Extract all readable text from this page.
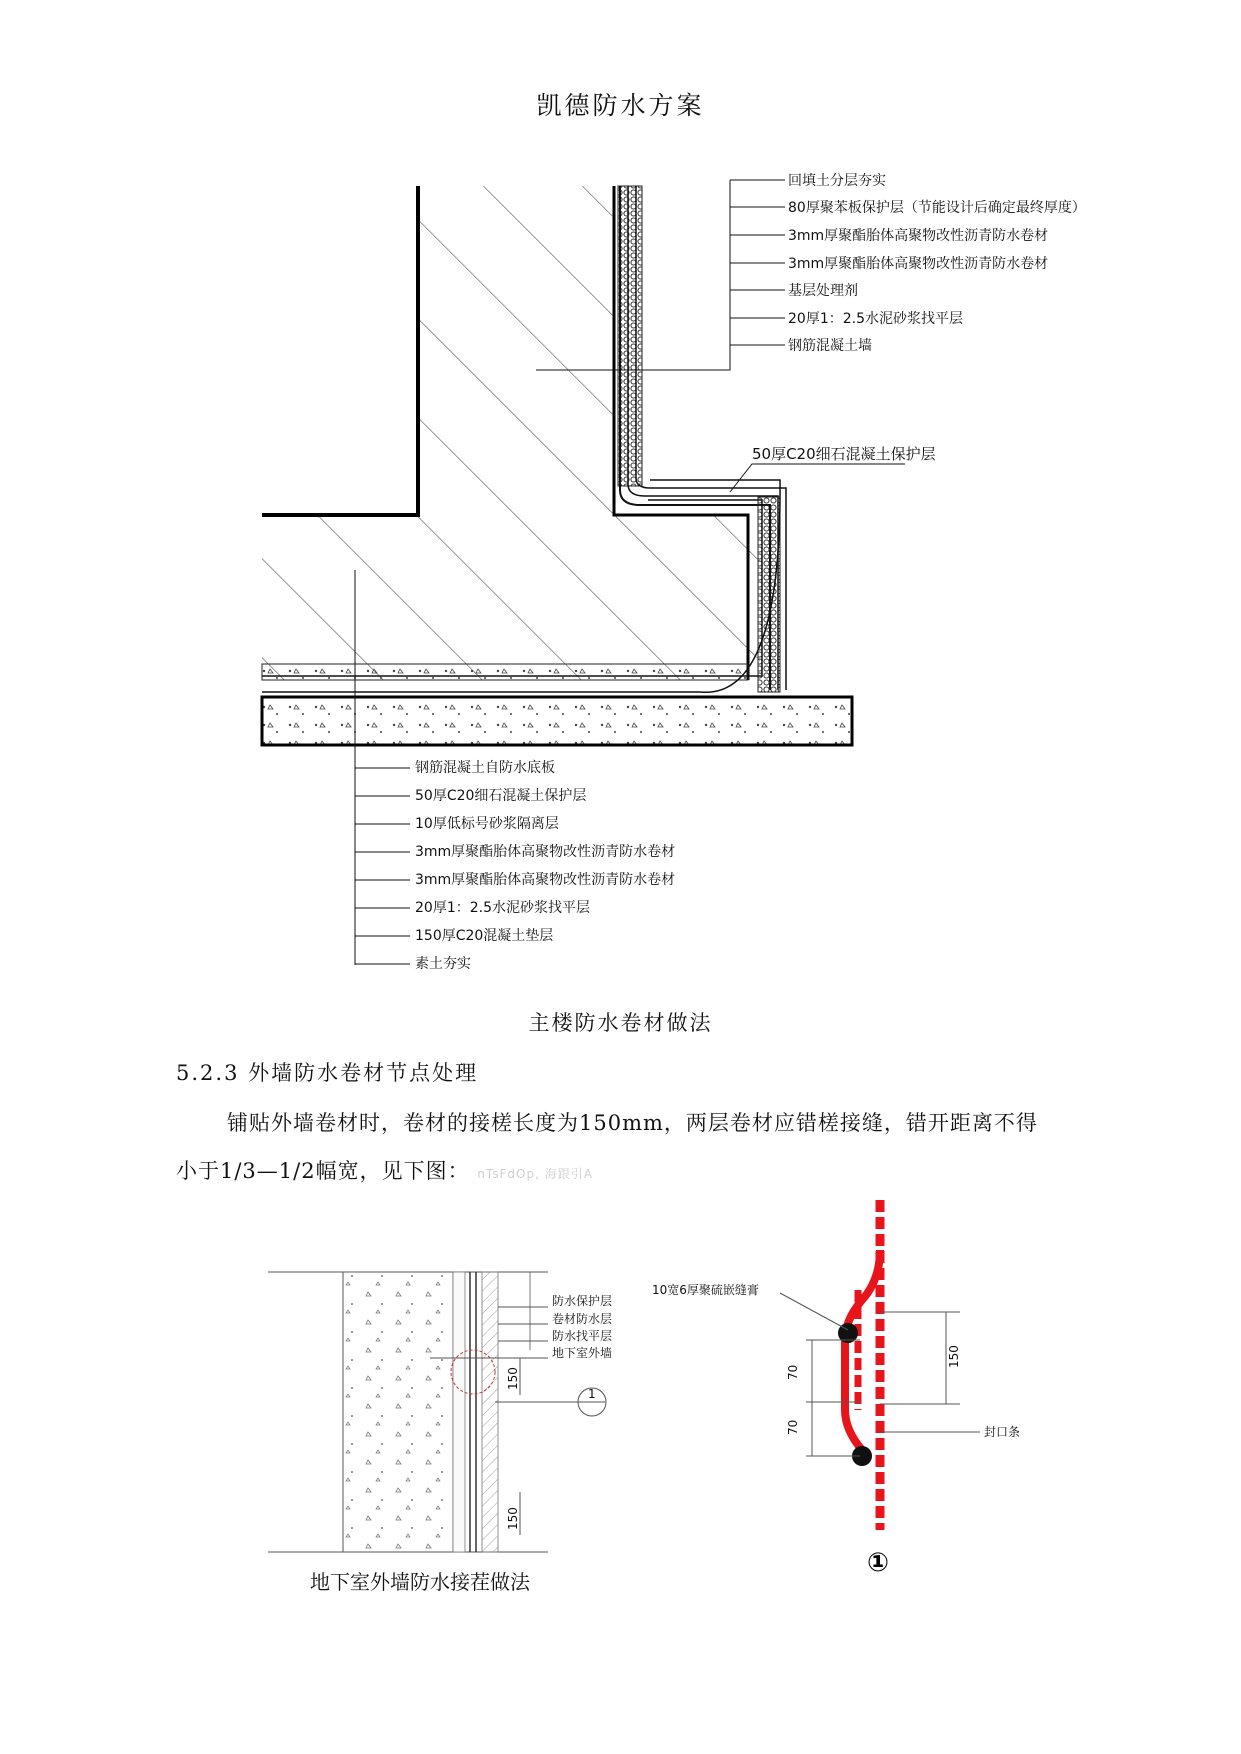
凯德防水方案
回填土分层夯实
80厚聚苯板保护层（节能设计后确定最终厚度）
3mm厚聚酯胎体高聚物改性沥青防水卷材
3mm厚聚酯胎体高聚物改性沥青防水卷材
基层处理剂
20厚1：2.5水泥砂浆找平层
钢筋混凝土墙
50厚C20细石混凝土保护层
钢筋混凝土自防水底板
50厚C20细石混凝土保护层
10厚低标号砂浆隔离层
3mm厚聚酯胎体高聚物改性沥青防水卷材
3mm厚聚酯胎体高聚物改性沥青防水卷材
20厚1：2.5水泥砂浆找平层
150厚C20混凝土垫层
素土夯实
主楼防水卷材做法
5.2.3 外墙防水卷材节点处理
铺贴外墙卷材时，卷材的接槎长度为150mm，两层卷材应错槎接缝，错开距离不得
小于1/3—1/2幅宽，见下图： nTsFdOp, 海跟引A
防水保护层
卷材防水层
防水找平层
地下室外墙
150
150
1
地下室外墙防水接茬做法
10宽6厚聚硫嵌缝膏
150
70
70	封口条
①
